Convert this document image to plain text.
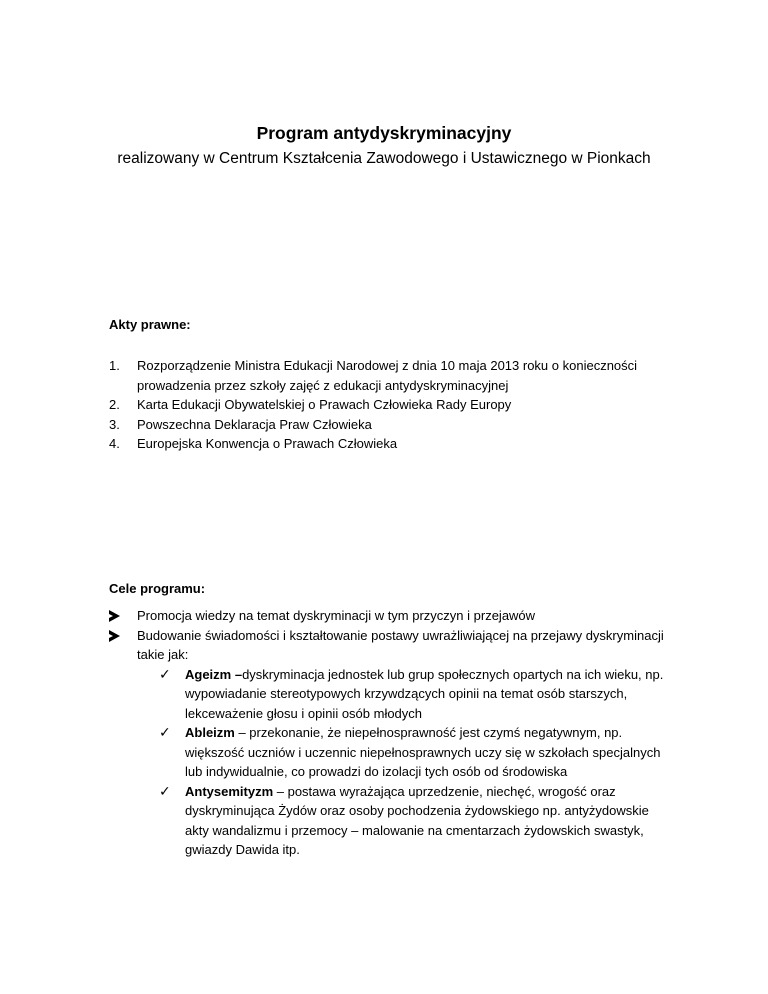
Program antydyskryminacyjny
realizowany w Centrum Kształcenia Zawodowego i Ustawicznego w Pionkach
Akty prawne:
1. Rozporządzenie Ministra Edukacji Narodowej z dnia 10 maja 2013 roku o konieczności prowadzenia przez szkoły zajęć z edukacji antydyskryminacyjnej
2. Karta Edukacji Obywatelskiej o Prawach Człowieka Rady Europy
3. Powszechna Deklaracja Praw Człowieka
4. Europejska Konwencja o Prawach Człowieka
Cele programu:
Promocja wiedzy na temat dyskryminacji w tym przyczyn i przejawów
Budowanie świadomości i kształtowanie postawy uwrażliwiającej na przejawy dyskryminacji takie jak:
✓ Ageizm –dyskryminacja jednostek lub grup społecznych opartych na ich wieku, np. wypowiadanie stereotypowych krzywdzących opinii na temat osób starszych, lekceważenie głosu i opinii osób młodych
✓ Ableizm – przekonanie, że niepełnosprawność jest czymś negatywnym, np. większość uczniów i uczennic niepełnosprawnych uczy się w szkołach specjalnych lub indywidualnie, co prowadzi do izolacji tych osób od środowiska
✓ Antysemityzm – postawa wyrażająca uprzedzenie, niechęć, wrogość oraz dyskryminująca Żydów oraz osoby pochodzenia żydowskiego np. antyżydowskie akty wandalizmu i przemocy – malowanie na cmentarzach żydowskich swastyk, gwiazdy Dawida itp.
